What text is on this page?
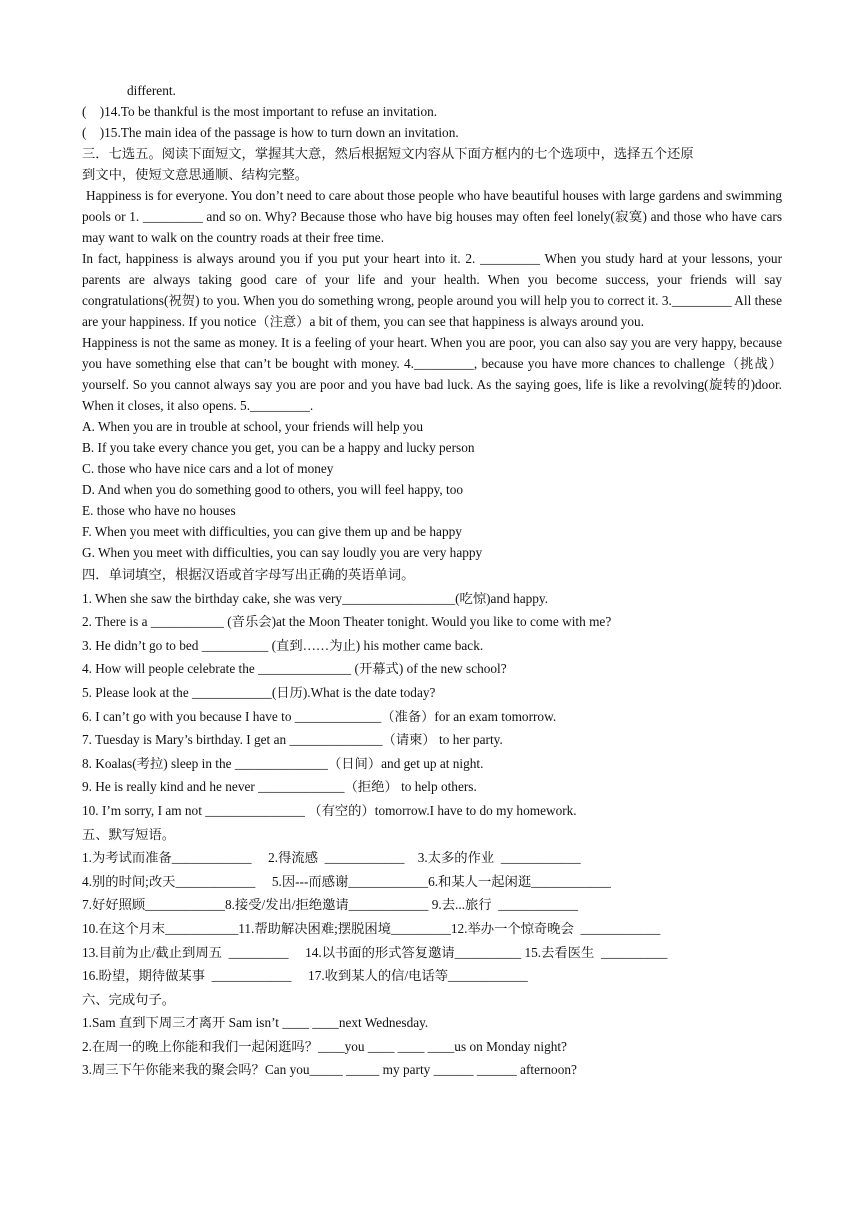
different.
(    )14.To be thankful is the most important to refuse an invitation.
(    )15.The main idea of the passage is how to turn down an invitation.
三．七选五。阅读下面短文，掌握其大意，然后根据短文内容从下面方框内的七个选项中，选择五个还原
到文中，使短文意思通顺、结构完整。
Happiness is for everyone. You don’t need to care about those people who have beautiful houses with large gardens and swimming pools or 1. _________ and so on. Why? Because those who have big houses may often feel lonely(寂寞) and those who have cars may want to walk on the country roads at their free time.
In fact, happiness is always around you if you put your heart into it. 2. _________ When you study hard at your lessons, your parents are always taking good care of your life and your health. When you become success, your friends will say congratulations(祝贺) to you. When you do something wrong, people around you will help you to correct it. 3._________ All these are your happiness. If you notice（注意）a bit of them, you can see that happiness is always around you.
Happiness is not the same as money. It is a feeling of your heart. When you are poor, you can also say you are very happy, because you have something else that can’t be bought with money. 4._________, because you have more chances to challenge（挑战） yourself. So you cannot always say you are poor and you have bad luck. As the saying goes, life is like a revolving(旋转的)door. When it closes, it also opens. 5._________.
A. When you are in trouble at school, your friends will help you
B. If you take every chance you get, you can be a happy and lucky person
C. those who have nice cars and a lot of money
D. And when you do something good to others, you will feel happy, too
E. those who have no houses
F. When you meet with difficulties, you can give them up and be happy
G. When you meet with difficulties, you can say loudly you are very happy
四．单词填空，根据汉语或首字母写出正确的英语单词。
1. When she saw the birthday cake, she was very_________________(吃惊)and happy.
2. There is a ___________ (音乐会)at the Moon Theater tonight. Would you like to come with me?
3. He didn’t go to bed __________ (直到……为止) his mother came back.
4. How will people celebrate the ______________ (开幕式) of the new school?
5. Please look at the ____________(日历).What is the date today?
6. I can’t go with you because I have to _____________（准备）for an exam tomorrow.
7. Tuesday is Mary’s birthday. I get an ______________（请柬） to her party.
8. Koalas(考拉) sleep in the ______________（日间）and get up at night.
9. He is really kind and he never _____________（拒绝） to help others.
10. I’m sorry, I am not _______________ （有空的）tomorrow.I have to do my homework.
五、默写短语。
1.为考试而准备____________     2.得流感  ____________    3.太多的作业  ____________
4.别的时间;改天____________     5.因---而感谢____________6.和某人一起闲逛____________
7.好好照顾____________8.接受/发出/拒绝邀请____________ 9.去...旅行  ____________
10.在这个月末___________11.帮助解决困难;摆脱困境_________12.举办一个惊奇晚会  ____________
13.目前为止/截止到周五  _________     14.以书面的形式答复邀请__________ 15.去看医生  __________
16.盼望，期待做某事  ____________     17.收到某人的信/电话等____________
六、完成句子。
1.Sam 直到下周三才离开 Sam isn’t ____ ____next Wednesday.
2.在周一的晚上你能和我们一起闲逛吗？____you ____ ____ ____us on Monday night?
3.周三下午你能来我的聚会吗？Can you_____ _____ my party ______ ______ afternoon?
